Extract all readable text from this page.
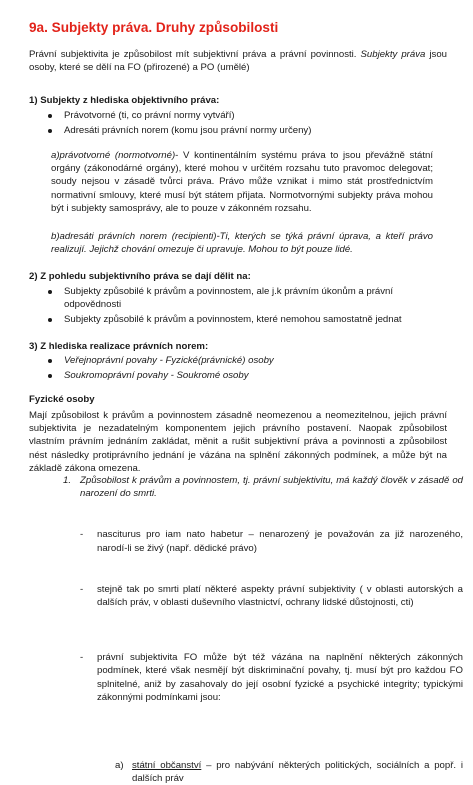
9a. Subjekty práva. Druhy způsobilosti
Právní subjektivita je způsobilost mít subjektivní práva a právní povinnosti. Subjekty práva jsou osoby, které se dělí na FO (přirozené) a PO (umělé)
1) Subjekty z hlediska objektivního práva:
Právotvorné (ti, co právní normy vytváří)
Adresáti právních norem (komu jsou právní normy určeny)
a)právotvorné (normotvorné)- V kontinentálním systému práva to jsou převážně státní orgány (zákonodárné orgány), které mohou v určitém rozsahu tuto pravomoc delegovat; soudy nejsou v zásadě tvůrci práva. Právo může vznikat i mimo stát prostřednictvím normativní smlouvy, které musí být státem přijata. Normotvornými subjekty práva mohou být i subjekty samosprávy, ale to pouze v zákonném rozsahu.
b)adresáti právních norem (recipienti)-Ti, kterých se týká právní úprava, a kteří právo realizují. Jejichž chování omezuje či upravuje. Mohou to být pouze lidé.
2) Z pohledu subjektivního práva se dají dělit na:
Subjekty způsobilé k právům a povinnostem, ale j.k právním úkonům a právní odpovědnosti
Subjekty způsobilé k právům a povinnostem, které nemohou samostatně jednat
3) Z hlediska realizace právních norem:
Veřejnoprávní povahy - Fyzické(právnické) osoby
Soukromoprávní povahy - Soukromé osoby
Fyzické osoby
Mají způsobilost k právům a povinnostem zásadně neomezenou a neomezitelnou, jejich právní subjektivita je nezadatelným komponentem jejich právního postavení. Naopak způsobilost vlastním právním jednáním zakládat, měnit a rušit subjektivní práva a povinnosti a způsobilost nést následky protiprávního jednání je vázána na splnění zákonných podmínek, a může být na základě zákona omezena.
1. Způsobilost k právům a povinnostem, tj. právní subjektivitu, má každý člověk v zásadě od narození do smrti.
- nasciturus pro iam nato habetur – nenarozený je považován za již narozeného, narodí-li se živý (např. dědické právo)
- stejně tak po smrti platí některé aspekty právní subjektivity ( v oblasti autorských a dalších práv, v oblasti duševního vlastnictví, ochrany lidské důstojnosti, cti)
- právní subjektivita FO může být též vázána na naplnění některých zákonných podmínek, které však nesmějí být diskriminační povahy, tj. musí být pro každou FO splnitelné, aniž by zasahovaly do její osobní fyzické a psychické integrity; typickými zákonnými podmínkami jsou:
a) státní občanství – pro nabývání některých politických, sociálních a popř. i dalších práv
